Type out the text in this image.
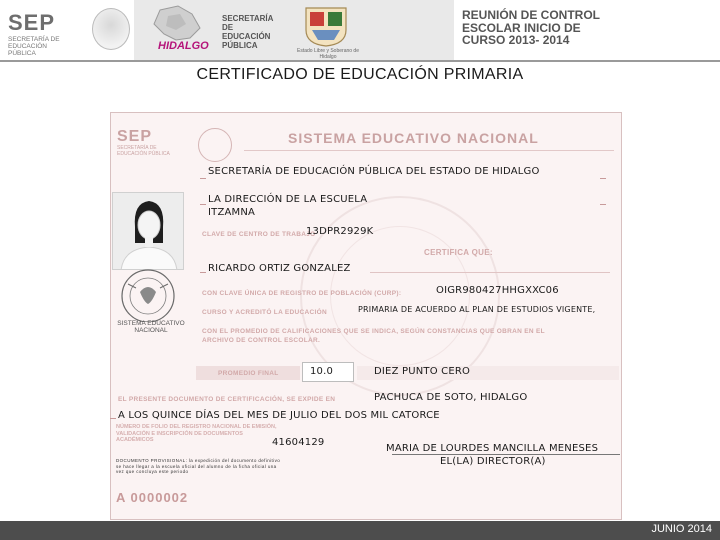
SEP
SECRETARÍA DE EDUCACIÓN PÚBLICA
HIDALGO
SECRETARÍA DE EDUCACIÓN PÚBLICA
Estado Libre y Soberano de Hidalgo
REUNIÓN DE CONTROL ESCOLAR INICIO DE CURSO 2013- 2014
CERTIFICADO DE EDUCACIÓN PRIMARIA
SEP
SECRETARÍA DE EDUCACIÓN PÚBLICA
SISTEMA EDUCATIVO NACIONAL
SECRETARÍA DE EDUCACIÓN PÚBLICA DEL ESTADO DE HIDALGO
LA DIRECCIÓN DE LA ESCUELA
ITZAMNA
CLAVE DE CENTRO DE TRABAJO
13DPR2929K
CERTIFICA QUE:
RICARDO ORTIZ GONZALEZ
CON CLAVE ÚNICA DE REGISTRO DE POBLACIÓN (CURP):	OIGR980427HHGXXC06
CURSO Y ACREDITÓ LA EDUCACIÓN	PRIMARIA DE ACUERDO AL PLAN DE ESTUDIOS VIGENTE,
CON EL PROMEDIO DE CALIFICACIONES QUE SE INDICA, SEGÚN CONSTANCIAS QUE OBRAN EN EL
ARCHIVO DE CONTROL ESCOLAR.
PROMEDIO FINAL	10.0	DIEZ PUNTO CERO
EL PRESENTE DOCUMENTO DE CERTIFICACIÓN, SE EXPIDE EN	PACHUCA DE SOTO, HIDALGO
A LOS QUINCE DÍAS DEL MES DE JULIO DEL DOS MIL CATORCE
NÚMERO DE FOLIO DEL REGISTRO NACIONAL DE EMISIÓN, VALIDACIÓN E INSCRIPCIÓN DE DOCUMENTOS ACADÉMICOS	41604129
DOCUMENTO PROVISIONAL: la expedición del documento definitivo se hace llegar a la escuela oficial del alumno de la ficha oficial una vez que concluya este periodo
A 0000002
MARIA DE LOURDES MANCILLA MENESES
EL(LA) DIRECTOR(A)
SISTEMA EDUCATIVO NACIONAL
JUNIO 2014
